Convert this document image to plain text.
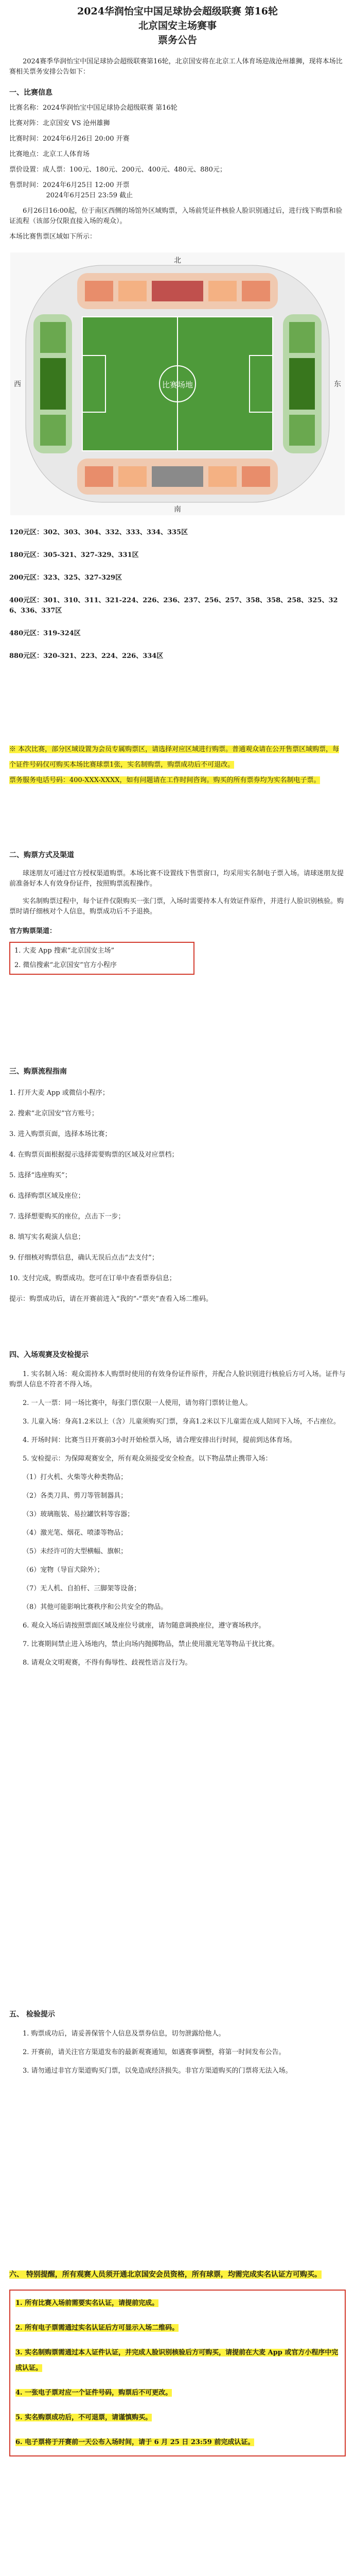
2024华润怡宝中国足球协会超级联赛 第16轮
北京国安主场赛事
票务公告

2024赛季华润怡宝中国足球协会超级联赛第16轮，北京国安将在北京工人体育场迎战沧州雄狮，现将本场比赛相关票务安排公告如下：

一、比赛信息

比赛名称：2024华润怡宝中国足球协会超级联赛 第16轮

比赛对阵：北京国安 VS 沧州雄狮

比赛时间：2024年6月26日 20:00 开赛

比赛地点：北京工人体育场

票价设置：成人票：100元、180元、200元、400元、480元、880元；

售票时间：2024年6月25日 12:00 开票

2024年6月25日 23:59 截止

6月26日16:00起，位于南区西侧的场馆外区域购票，入场前凭证件核验人脸识别通过后，进行线下购票和验证流程（该部分仅限直接入场的观众）。

本场比赛售票区域如下所示：

北
南
西	东
比赛场地

120元区：302、303、304、332、333、334、335区

180元区：305-321、327-329、331区

200元区：323、325、327-329区

400元区：301、310、311、321-224、226、236、237、256、257、358、358、258、325、326、336、337区

480元区：319-324区

880元区：320-321、223、224、226、334区

※ 本次比赛，部分区域设置为会员专属购票区，请选择对应区域进行购票。普通观众请在公开售票区域购票，每个证件号码仅可购买本场比赛球票1张，实名制购票，购票成功后不可退改。

票务服务电话号码：400-XXX-XXXX，如有问题请在工作时间咨询。购买的所有票券均为实名制电子票。

二、购票方式及渠道

球迷朋友可通过官方授权渠道购票。本场比赛不设置线下售票窗口，均采用实名制电子票入场。请球迷朋友提前准备好本人有效身份证件，按照购票流程操作。

实名制购票过程中，每个证件仅限购买一张门票，入场时需要持本人有效证件原件，并进行人脸识别核验。购票时请仔细核对个人信息，购票成功后不予退换。

官方购票渠道：

1. 大麦 App 搜索“北京国安主场”

2. 微信搜索“北京国安”官方小程序

三、购票流程指南

1. 打开大麦 App 或微信小程序；

2. 搜索“北京国安”官方账号；

3. 进入购票页面，选择本场比赛；

4. 在购票页面根据提示选择需要购票的区域及对应票档；

5. 选择“选座购买”；

6. 选择购票区域及座位；

7. 选择想要购买的座位，点击下一步；

8. 填写实名观演人信息；

9. 仔细核对购票信息，确认无误后点击“去支付”；

10. 支付完成，购票成功。您可在订单中查看票券信息；

提示：购票成功后，请在开赛前进入“我的”-“票夹”查看入场二维码。

四、入场观赛及安检提示

1. 实名制入场：观众需持本人购票时使用的有效身份证件原件，并配合人脸识别进行核验后方可入场。证件与购票人信息不符者不得入场。

2. 一人一票：同一场比赛中，每张门票仅限一人使用，请勿将门票转让他人。

3. 儿童入场：身高1.2米以上（含）儿童须购买门票，身高1.2米以下儿童需在成人陪同下入场，不占座位。

4. 开场时间：比赛当日开赛前3小时开始检票入场，请合理安排出行时间，提前到达体育场。

5. 安检提示：为保障观赛安全，所有观众须接受安全检查。以下物品禁止携带入场：

（1）打火机、火柴等火种类物品；

（2）各类刀具、剪刀等管制器具；

（3）玻璃瓶装、易拉罐饮料等容器；

（4）激光笔、烟花、喷漆等物品；

（5）未经许可的大型横幅、旗帜；

（6）宠物（导盲犬除外）；

（7）无人机、自拍杆、三脚架等设备；

（8）其他可能影响比赛秩序和公共安全的物品。

6. 观众入场后请按照票面区域及座位号就座，请勿随意调换座位，遵守赛场秩序。

7. 比赛期间禁止进入场地内，禁止向场内抛掷物品，禁止使用激光笔等物品干扰比赛。

8. 请观众文明观赛，不得有侮辱性、歧视性语言及行为。

五、 检验提示

1. 购票成功后，请妥善保管个人信息及票券信息，切勿泄露给他人。

2. 开赛前，请关注官方渠道发布的最新观赛通知，如遇赛事调整，将第一时间发布公告。

3. 请勿通过非官方渠道购买门票，以免造成经济损失。非官方渠道购买的门票将无法入场。

六、 特别提醒，所有观赛人员须开通北京国安会员资格，所有球票，均需完成实名认证方可购买。

1. 所有比赛入场前需要实名认证，请提前完成。

2. 所有电子票需通过实名认证后方可显示入场二维码。

3. 实名制购票需通过本人证件认证，并完成人脸识别核验后方可购买，请提前在大麦 App 或官方小程序中完成认证。

4. 一张电子票对应一个证件号码，购票后不可更改。

5. 实名购票成功后，不可退票，请谨慎购买。

6. 电子票将于开赛前一天公布入场时间，请于 6 月 25 日 23:59 前完成认证。
